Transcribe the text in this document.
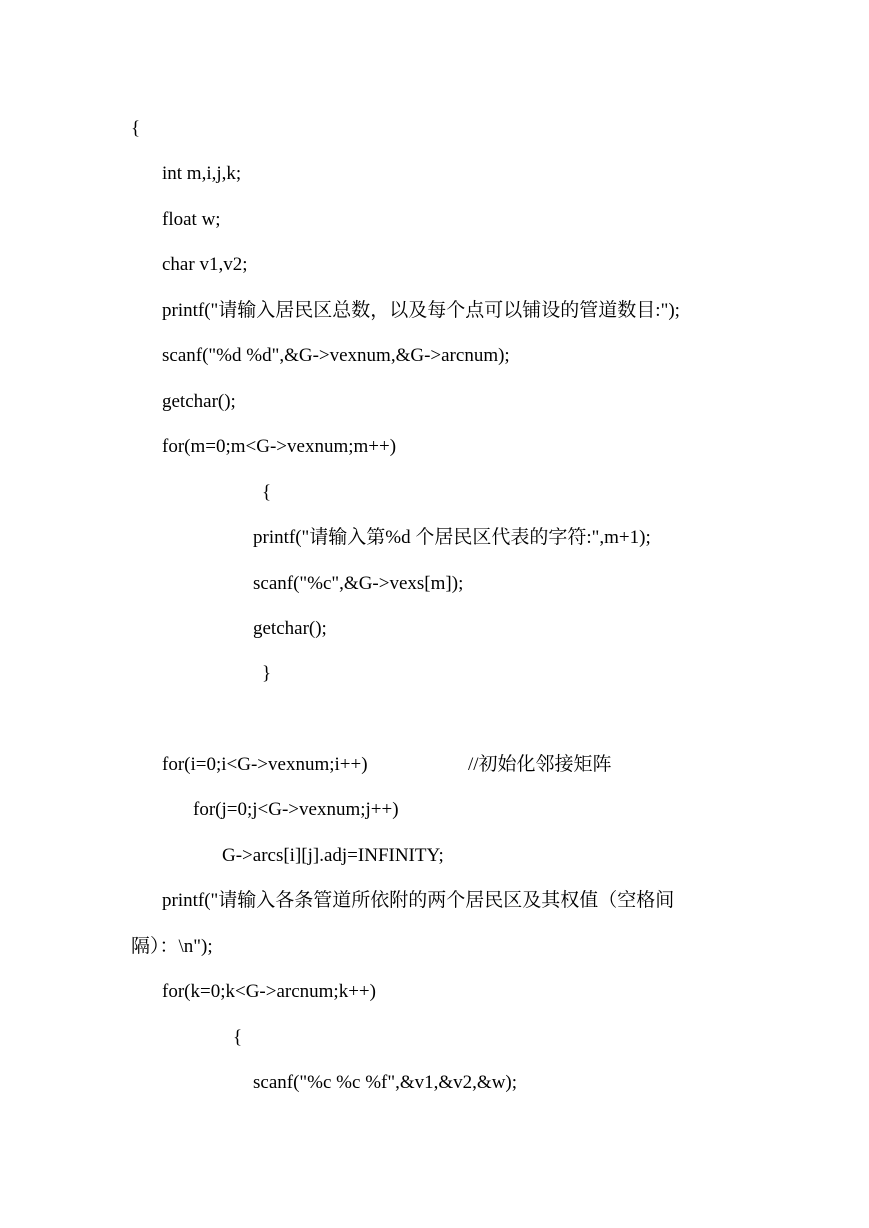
{
int m,i,j,k;
float w;
char v1,v2;
printf("请输入居民区总数，以及每个点可以铺设的管道数目:");
scanf("%d %d",&G->vexnum,&G->arcnum);
getchar();
for(m=0;m<G->vexnum;m++)
{
printf("请输入第%d 个居民区代表的字符:",m+1);
scanf("%c",&G->vexs[m]);
getchar();
}
for(i=0;i<G->vexnum;i++)	//初始化邻接矩阵
for(j=0;j<G->vexnum;j++)
G->arcs[i][j].adj=INFINITY;
printf("请输入各条管道所依附的两个居民区及其权值（空格间
隔）：\n");
for(k=0;k<G->arcnum;k++)
{
scanf("%c %c %f",&v1,&v2,&w);
